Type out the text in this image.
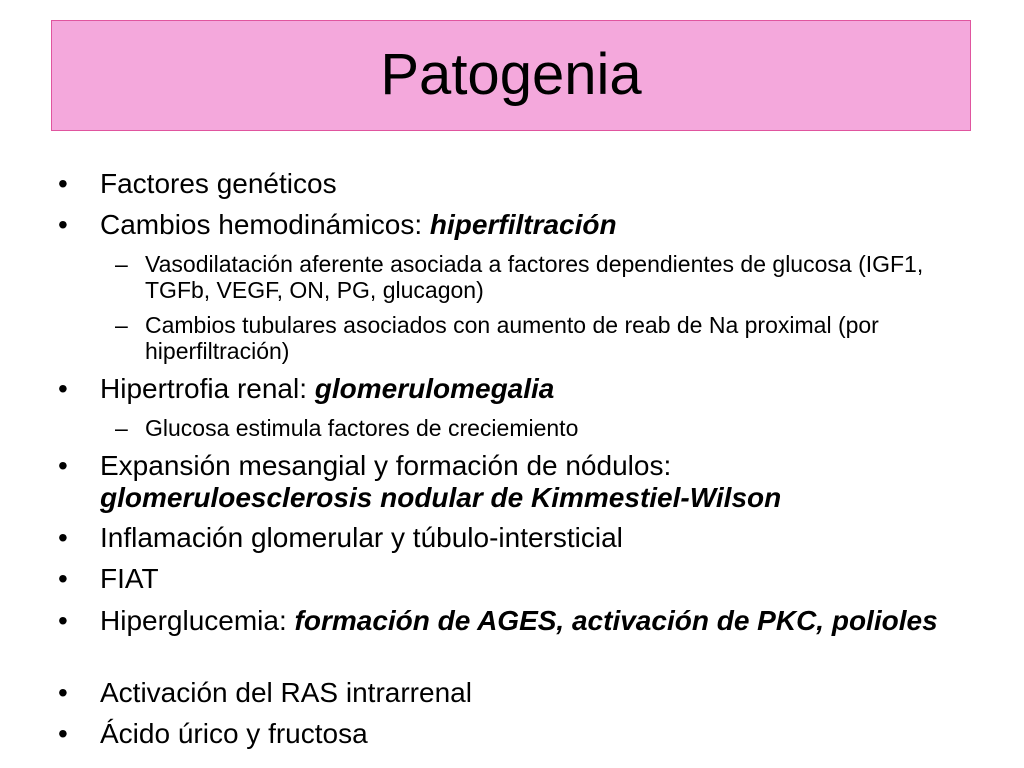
Patogenia
• Factores genéticos
• Cambios hemodinámicos: hiperfiltración
– Vasodilatación aferente asociada a factores dependientes de glucosa (IGF1, TGFb, VEGF, ON, PG, glucagon)
– Cambios tubulares asociados con aumento de reab de Na proximal (por hiperfiltración)
• Hipertrofia renal: glomerulomegalia
– Glucosa estimula factores de creciemiento
• Expansión mesangial y formación de nódulos:
glomeruloesclerosis nodular de Kimmestiel-Wilson
• Inflamación glomerular y túbulo-intersticial
• FIAT
• Hiperglucemia: formación de AGES, activación de PKC, polioles
• Activación del RAS intrarrenal
• Ácido úrico y fructosa
